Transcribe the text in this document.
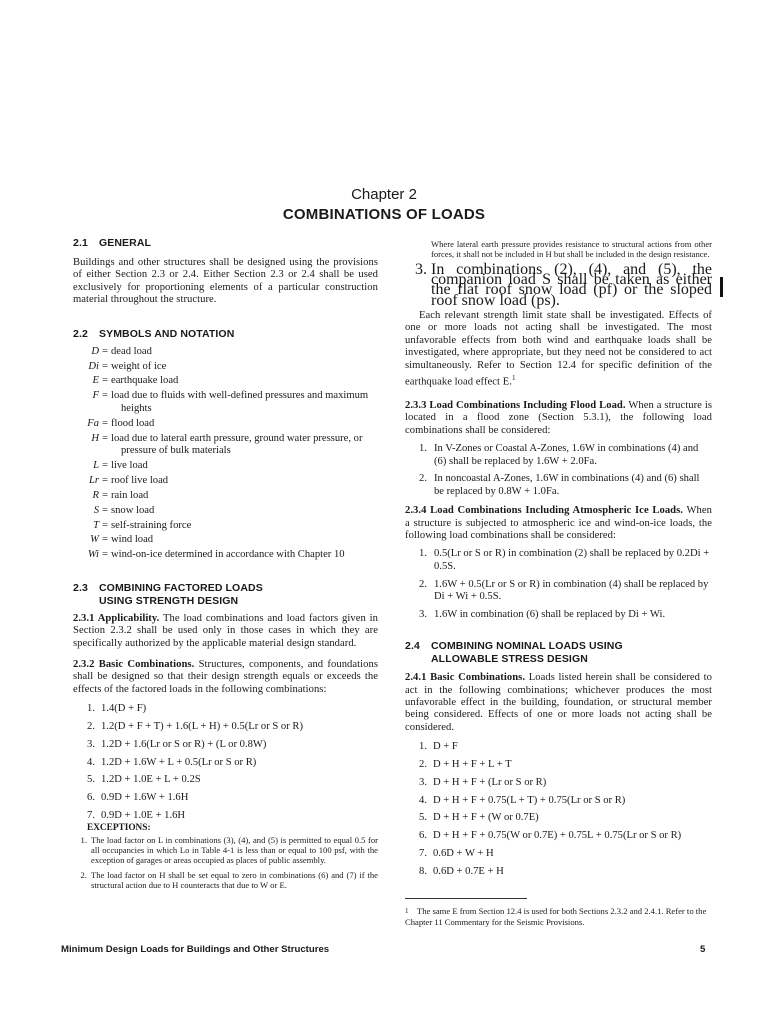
Chapter 2
COMBINATIONS OF LOADS
2.1 GENERAL

Buildings and other structures shall be designed using the provisions of either Section 2.3 or 2.4. Either Section 2.3 or 2.4 shall be used exclusively for proportioning elements of a particular construction material throughout the structure.

2.2 SYMBOLS AND NOTATION
D = dead load
Di = weight of ice
E = earthquake load
F = load due to fluids with well-defined pressures and maximum heights
Fa = flood load
H = load due to lateral earth pressure, ground water pressure, or pressure of bulk materials
L = live load
Lr = roof live load
R = rain load
S = snow load
T = self-straining force
W = wind load
Wi = wind-on-ice determined in accordance with Chapter 10
2.3 COMBINING FACTORED LOADS
USING STRENGTH DESIGN

2.3.1 Applicability. The load combinations and load factors given in Section 2.3.2 shall be used only in those cases in which they are specifically authorized by the applicable material design standard.

2.3.2 Basic Combinations. Structures, components, and foundations shall be designed so that their design strength equals or exceeds the effects of the factored loads in the following combinations:

1. 1.4(D + F)
2. 1.2(D + F + T) + 1.6(L + H) + 0.5(Lr or S or R)
3. 1.2D + 1.6(Lr or S or R) + (L or 0.8W)
4. 1.2D + 1.6W + L + 0.5(Lr or S or R)
5. 1.2D + 1.0E + L + 0.2S
6. 0.9D + 1.6W + 1.6H
7. 0.9D + 1.0E + 1.6H

EXCEPTIONS:

1. The load factor on L in combinations (3), (4), and (5) is permitted to equal 0.5 for all occupancies in which Lo in Table 4-1 is less than or equal to 100 psf, with the exception of garages or areas occupied as places of public assembly.
2. The load factor on H shall be set equal to zero in combinations (6) and (7) if the structural action due to H counteracts that due to W or E.

Where lateral earth pressure provides resistance to structural actions from other forces, it shall not be included in H but shall be included in the design resistance.

3. In combinations (2), (4), and (5), the companion load S shall be taken as either the flat roof snow load (pf) or the sloped roof snow load (ps).

Each relevant strength limit state shall be investigated. Effects of one or more loads not acting shall be investigated. The most unfavorable effects from both wind and earthquake loads shall be investigated, where appropriate, but they need not be considered to act simultaneously. Refer to Section 12.4 for specific definition of the earthquake load effect E.$^1$

2.3.3 Load Combinations Including Flood Load. When a structure is located in a flood zone (Section 5.3.1), the following load combinations shall be considered:

1. In V-Zones or Coastal A-Zones, 1.6W in combinations (4) and (6) shall be replaced by 1.6W + 2.0Fa.
2. In noncoastal A-Zones, 1.6W in combinations (4) and (6) shall be replaced by 0.8W + 1.0Fa.

2.3.4 Load Combinations Including Atmospheric Ice Loads. When a structure is subjected to atmospheric ice and wind-on-ice loads, the following load combinations shall be considered:

1. 0.5(Lr or S or R) in combination (2) shall be replaced by 0.2Di + 0.5S.
2. 1.6W + 0.5(Lr or S or R) in combination (4) shall be replaced by Di + Wi + 0.5S.
3. 1.6W in combination (6) shall be replaced by Di + Wi.
2.4 COMBINING NOMINAL LOADS USING
ALLOWABLE STRESS DESIGN

2.4.1 Basic Combinations. Loads listed herein shall be considered to act in the following combinations; whichever produces the most unfavorable effect in the building, foundation, or structural member being considered. Effects of one or more loads not acting shall be considered.

1. D + F
2. D + H + F + L + T
3. D + H + F + (Lr or S or R)
4. D + H + F + 0.75(L + T) + 0.75(Lr or S or R)
5. D + H + F + (W or 0.7E)
6. D + H + F + 0.75(W or 0.7E) + 0.75L + 0.75(Lr or S or R)
7. 0.6D + W + H
8. 0.6D + 0.7E + H
1 The same E from Section 12.4 is used for both Sections 2.3.2 and 2.4.1. Refer to the Chapter 11 Commentary for the Seismic Provisions.
Minimum Design Loads for Buildings and Other Structures	5
